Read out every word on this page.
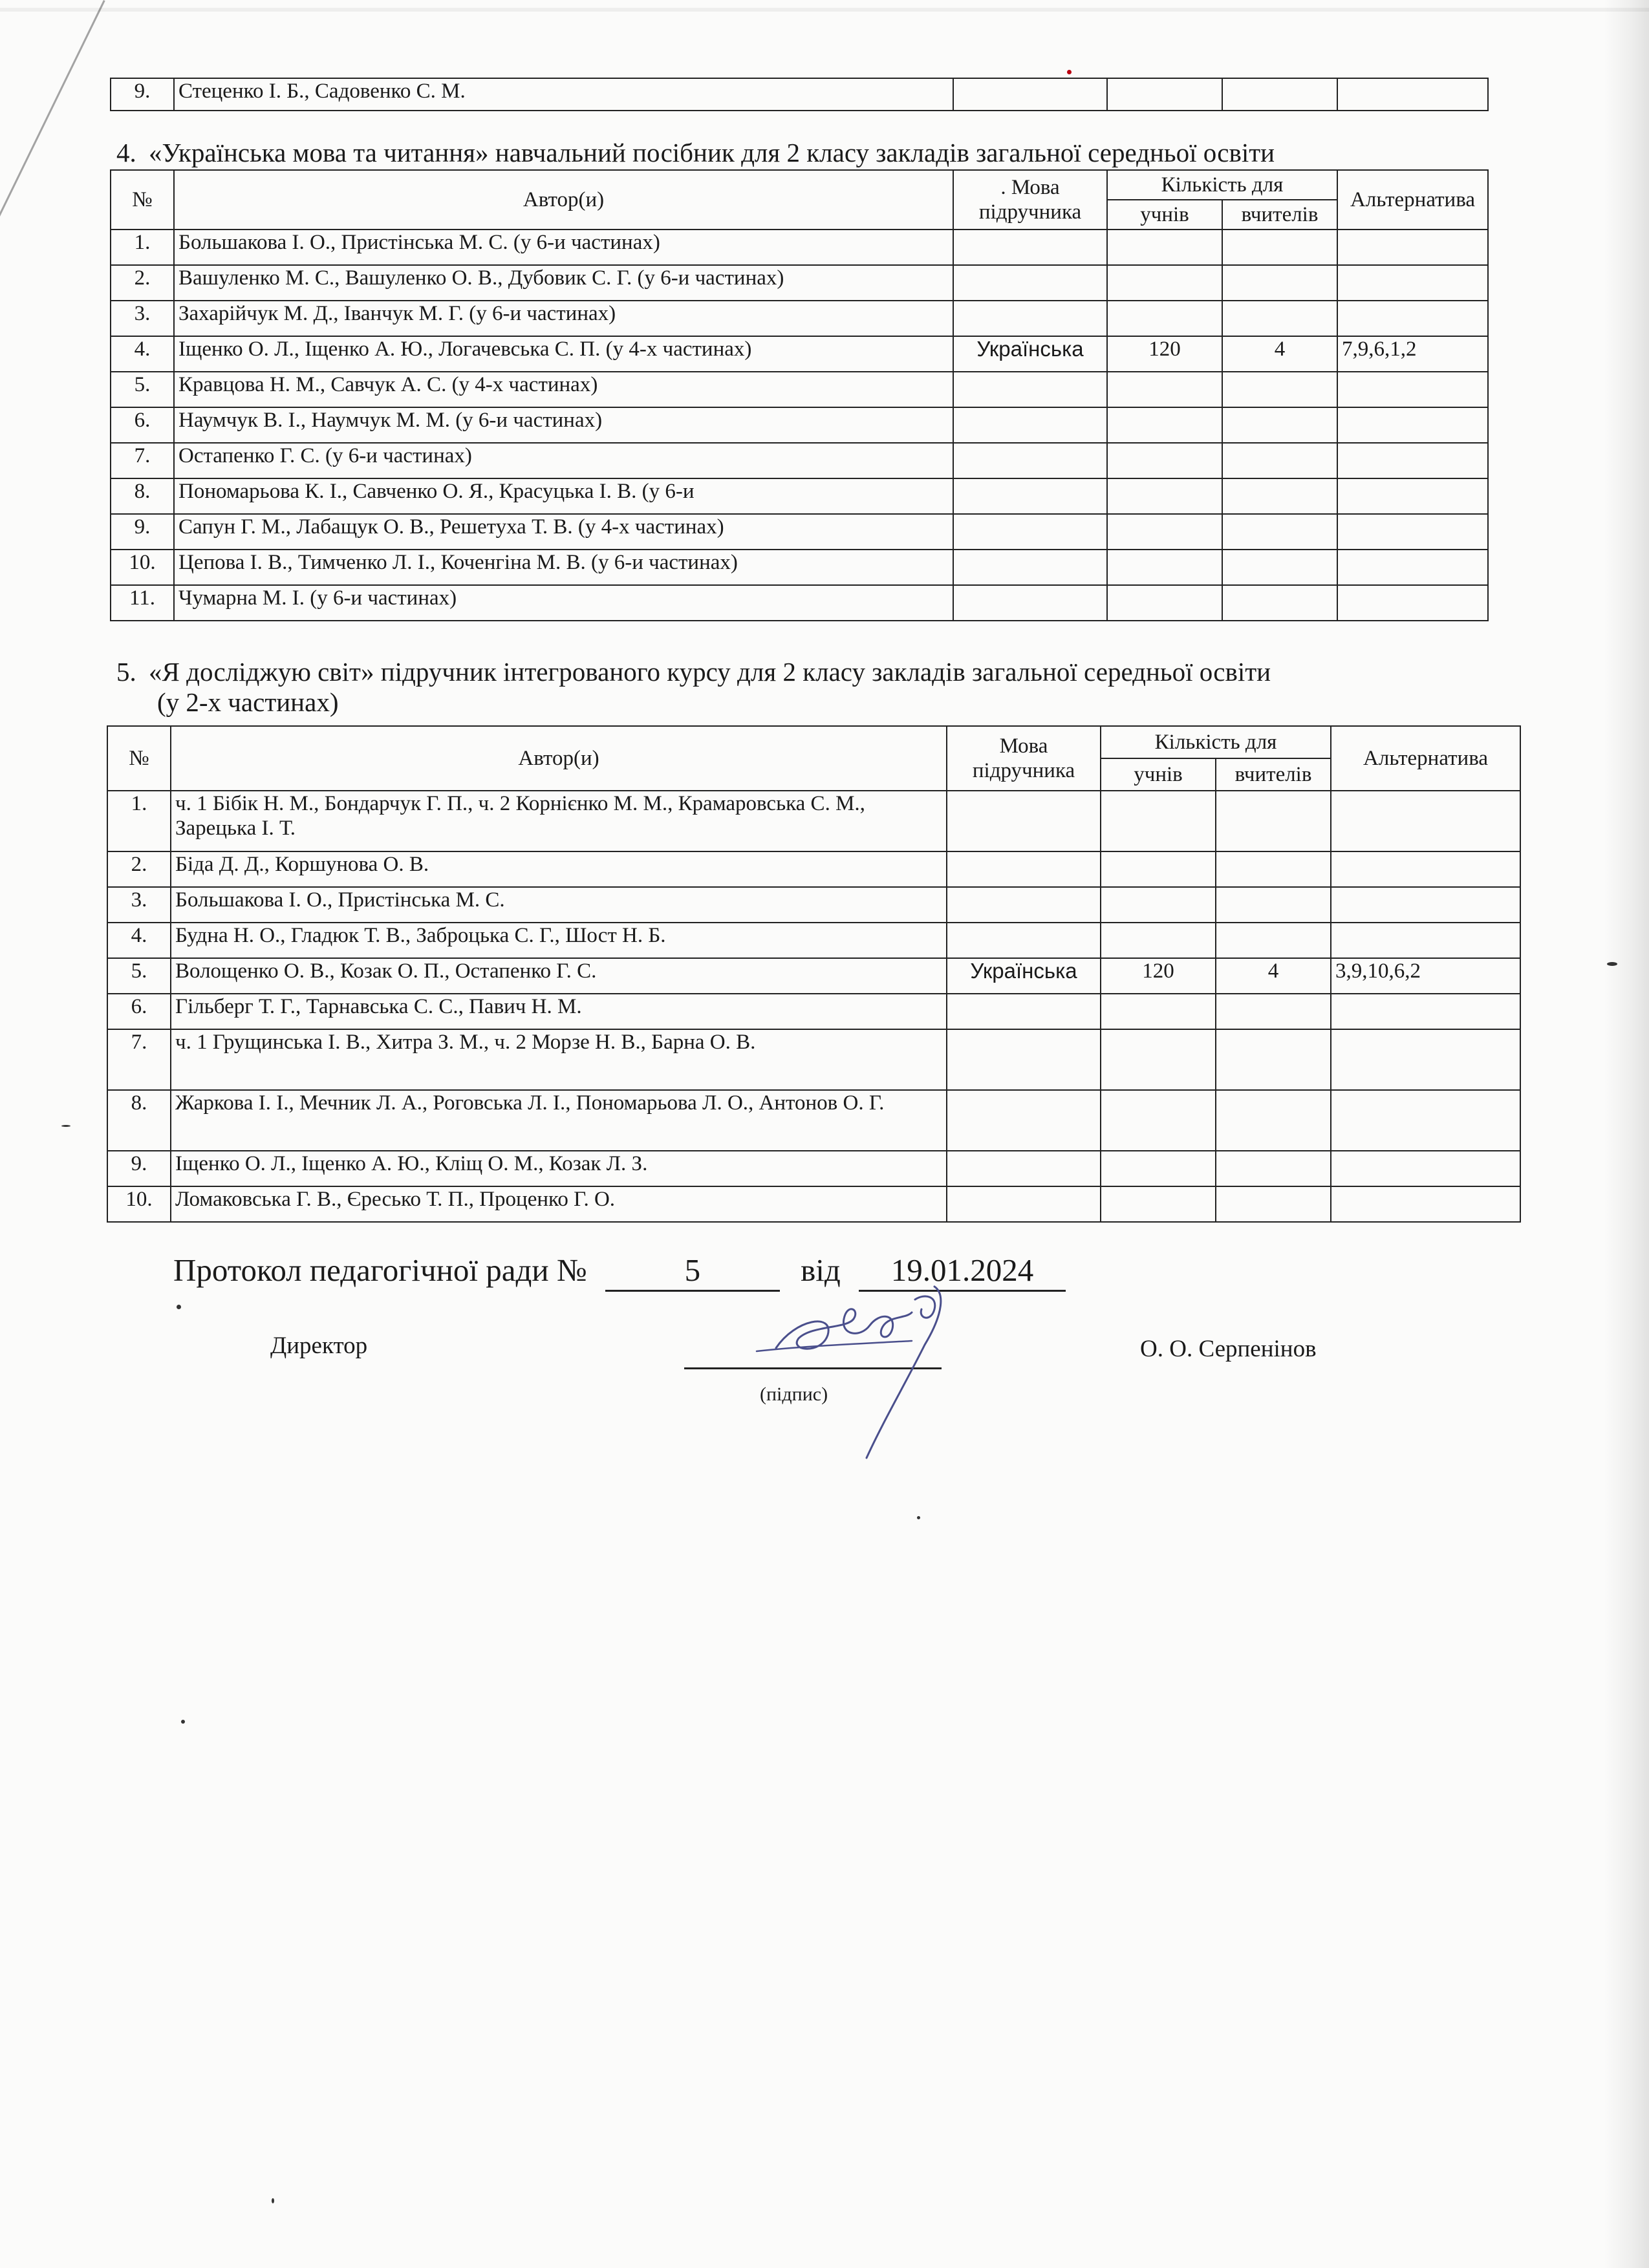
9.	Стеценко І. Б., Садовенко С. М.				
4. «Українська мова та читання» навчальний посібник для 2 класу закладів загальної середньої освіти
№	Автор(и)	. Мова підручника	Кількість для		Альтернатива
			учнів	вчителів	
1.	Большакова І. О., Пристінська М. С. (у 6-и частинах)				
2.	Вашуленко М. С., Вашуленко О. В., Дубовик С. Г. (у 6-и частинах)				
3.	Захарійчук М. Д., Іванчук М. Г. (у 6-и частинах)				
4.	Іщенко О. Л., Іщенко А. Ю., Логачевська С. П. (у 4-х частинах)	Українська	120	4	7,9,6,1,2
5.	Кравцова Н. М., Савчук А. С. (у 4-х частинах)				
6.	Наумчук В. І., Наумчук М. М. (у 6-и частинах)				
7.	Остапенко Г. С. (у 6-и частинах)				
8.	Пономарьова К. І., Савченко О. Я., Красуцька І. В. (у 6-и				
9.	Сапун Г. М., Лабащук О. В., Решетуха Т. В. (у 4-х частинах)				
10.	Цепова І. В., Тимченко Л. І., Коченгіна М. В. (у 6-и частинах)				
11.	Чумарна М. І. (у 6-и частинах)				
5. «Я досліджую світ» підручник інтегрованого курсу для 2 класу закладів загальної середньої освіти
(у 2-х частинах)
№	Автор(и)	Мова підручника	Кількість для		Альтернатива
			учнів	вчителів	
1.	ч. 1 Бібік Н. М., Бондарчук Г. П., ч. 2 Корнієнко М. М., Крамаровська С. М., Зарецька І. Т.				
2.	Біда Д. Д., Коршунова О. В.				
3.	Большакова І. О., Пристінська М. С.				
4.	Будна Н. О., Гладюк Т. В., Заброцька С. Г., Шост Н. Б.				
5.	Волощенко О. В., Козак О. П., Остапенко Г. С.	Українська	120	4	3,9,10,6,2
6.	Гільберг Т. Г., Тарнавська С. С., Павич Н. М.				
7.	ч. 1 Грущинська І. В., Хитра З. М., ч. 2 Морзе Н. В., Барна О. В.				
8.	Жаркова І. І., Мечник Л. А., Роговська Л. І., Пономарьова Л. О., Антонов О. Г.				
9.	Іщенко О. Л., Іщенко А. Ю., Кліщ О. М., Козак Л. З.				
10.	Ломаковська Г. В., Єресько Т. П., Проценко Г. О.				
Протокол педагогічної ради №	5	від 19.01.2024
Директор
(підпис)
О. О. Серпенінов
